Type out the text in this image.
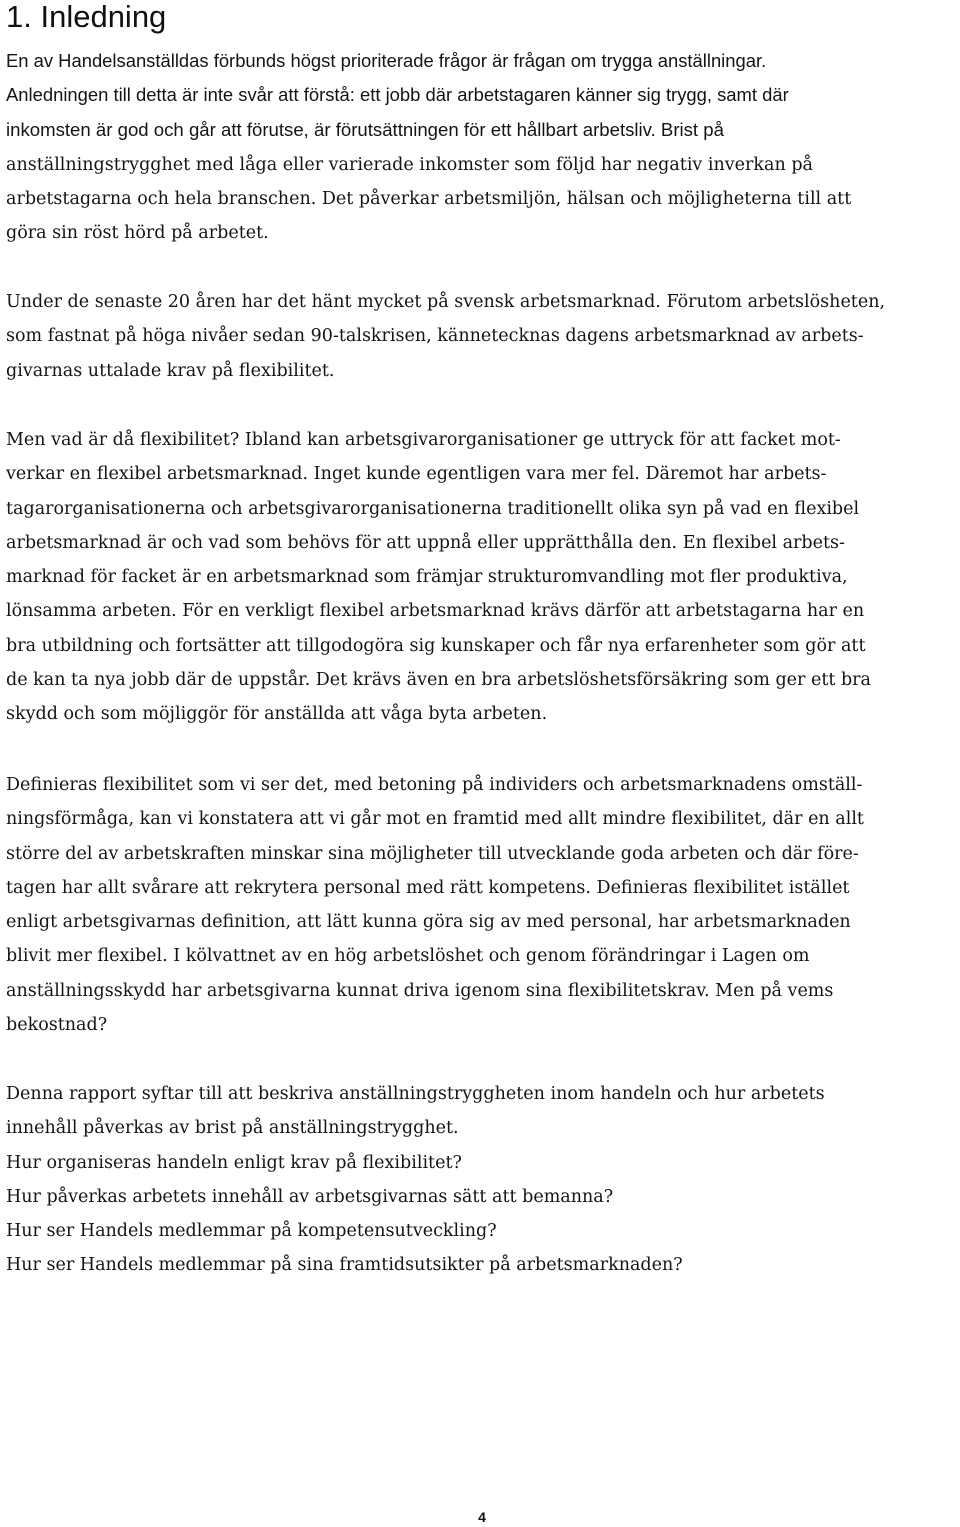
1. Inledning
En av Handelsanställdas förbunds högst prioriterade frågor är frågan om trygga anställningar.
Anledningen till detta är inte svår att förstå: ett jobb där arbetstagaren känner sig trygg, samt där
inkomsten är god och går att förutse, är förutsättningen för ett hållbart arbetsliv. Brist på
anställningstrygghet med låga eller varierade inkomster som följd har negativ inverkan på
arbetstagarna och hela branschen. Det påverkar arbetsmiljön, hälsan och möjligheterna till att
göra sin röst hörd på arbetet.
Under de senaste 20 åren har det hänt mycket på svensk arbetsmarknad. Förutom arbetslösheten,
som fastnat på höga nivåer sedan 90-talskrisen, kännetecknas dagens arbetsmarknad av arbets-
givarnas uttalade krav på flexibilitet.
Men vad är då flexibilitet? Ibland kan arbetsgivarorganisationer ge uttryck för att facket mot-
verkar en flexibel arbetsmarknad. Inget kunde egentligen vara mer fel. Däremot har arbets-
tagarorganisationerna och arbetsgivarorganisationerna traditionellt olika syn på vad en flexibel
arbetsmarknad är och vad som behövs för att uppnå eller upprätthålla den. En flexibel arbets-
marknad för facket är en arbetsmarknad som främjar strukturomvandling mot fler produktiva,
lönsamma arbeten. För en verkligt flexibel arbetsmarknad krävs därför att arbetstagarna har en
bra utbildning och fortsätter att tillgodogöra sig kunskaper och får nya erfarenheter som gör att
de kan ta nya jobb där de uppstår. Det krävs även en bra arbetslöshetsförsäkring som ger ett bra
skydd och som möjliggör för anställda att våga byta arbeten.
Definieras flexibilitet som vi ser det, med betoning på individers och arbetsmarknadens omställ-
ningsförmåga, kan vi konstatera att vi går mot en framtid med allt mindre flexibilitet, där en allt
större del av arbetskraften minskar sina möjligheter till utvecklande goda arbeten och där före-
tagen har allt svårare att rekrytera personal med rätt kompetens. Definieras flexibilitet istället
enligt arbetsgivarnas definition, att lätt kunna göra sig av med personal, har arbetsmarknaden
blivit mer flexibel. I kölvattnet av en hög arbetslöshet och genom förändringar i Lagen om
anställningsskydd har arbetsgivarna kunnat driva igenom sina flexibilitetskrav. Men på vems
bekostnad?
Denna rapport syftar till att beskriva anställningstryggheten inom handeln och hur arbetets
innehåll påverkas av brist på anställningstrygghet.
Hur organiseras handeln enligt krav på flexibilitet?
Hur påverkas arbetets innehåll av arbetsgivarnas sätt att bemanna?
Hur ser Handels medlemmar på kompetensutveckling?
Hur ser Handels medlemmar på sina framtidsutsikter på arbetsmarknaden?
4
